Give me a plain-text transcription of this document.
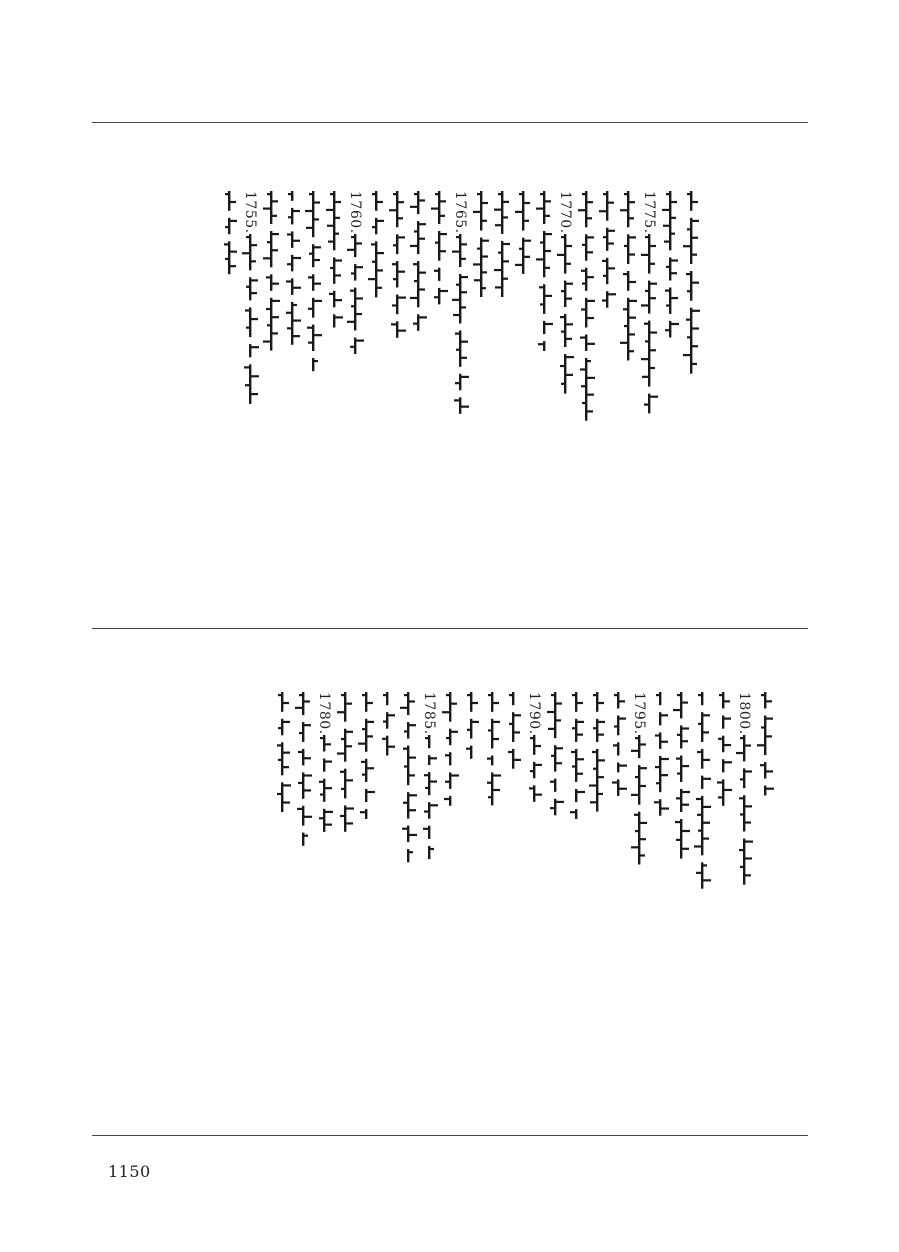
1775.
1770.
1765.
1760.
1755.
1800.
1795.
1790.
1785.
1780.
1150
